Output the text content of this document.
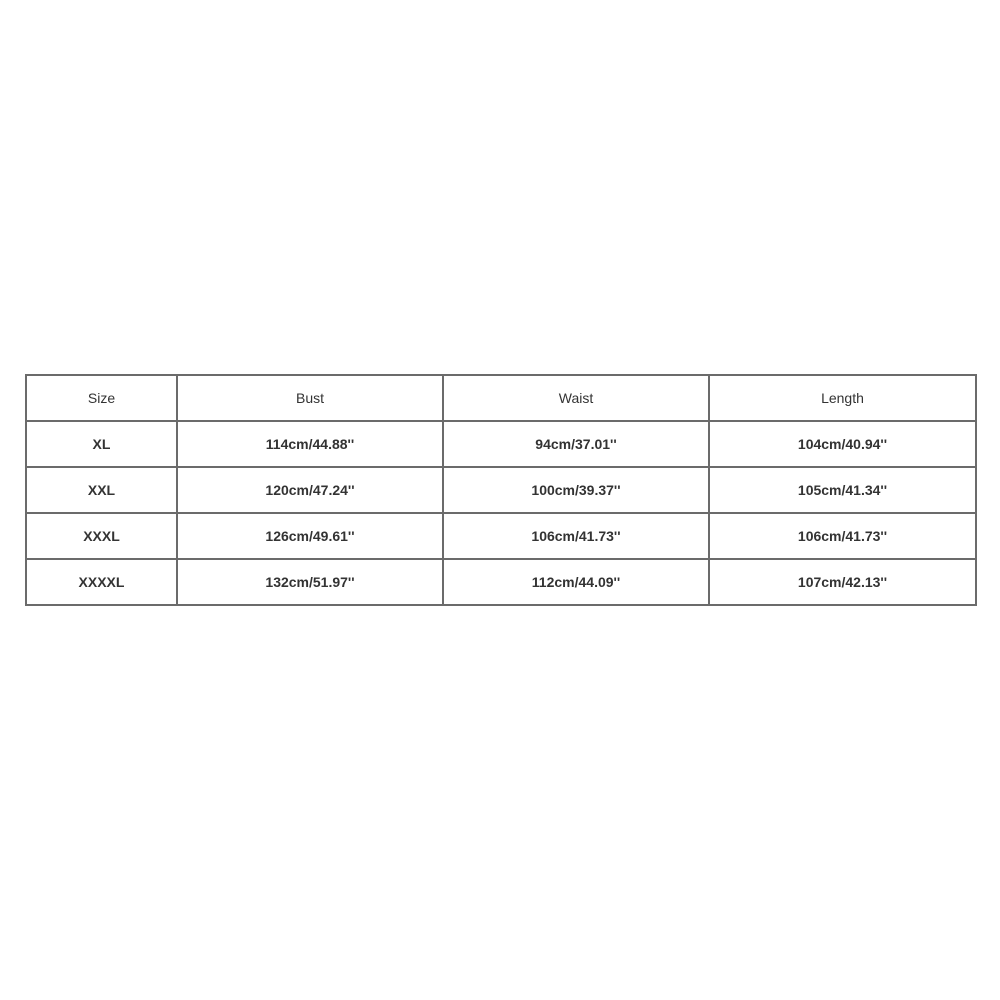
Size	Bust	Waist	Length
XL	114cm/44.88''	94cm/37.01''	104cm/40.94''
XXL	120cm/47.24''	100cm/39.37''	105cm/41.34''
XXXL	126cm/49.61''	106cm/41.73''	106cm/41.73''
XXXXL	132cm/51.97''	112cm/44.09''	107cm/42.13''
